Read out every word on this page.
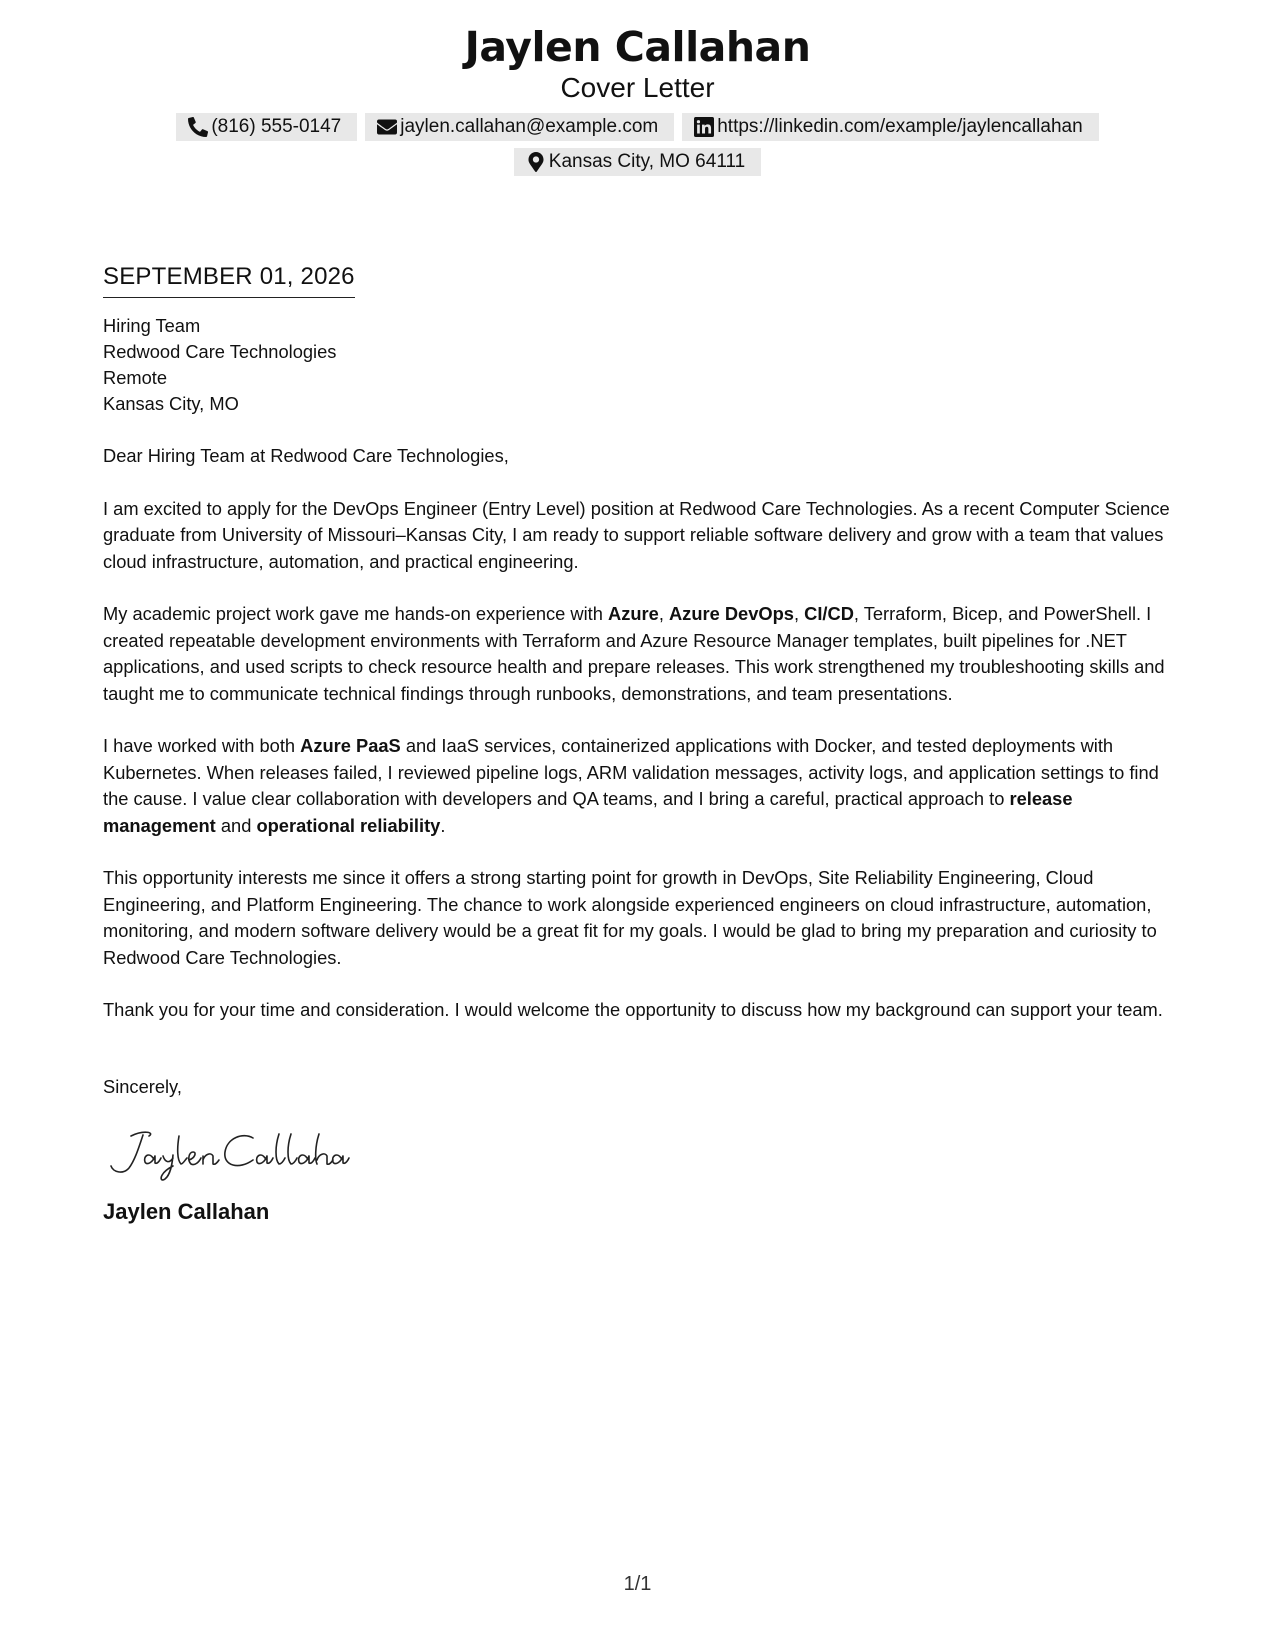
Jaylen Callahan
Cover Letter
(816) 555-0147	jaylen.callahan@example.com	https://linkedin.com/example/jaylencallahan
Kansas City, MO 64111
SEPTEMBER 01, 2026
Hiring Team
Redwood Care Technologies
Remote
Kansas City, MO
Dear Hiring Team at Redwood Care Technologies,

I am excited to apply for the DevOps Engineer (Entry Level) position at Redwood Care Technologies. As a recent Computer Science graduate from University of Missouri–Kansas City, I am ready to support reliable software delivery and grow with a team that values cloud infrastructure, automation, and practical engineering.

My academic project work gave me hands-on experience with Azure, Azure DevOps, CI/CD, Terraform, Bicep, and PowerShell. I created repeatable development environments with Terraform and Azure Resource Manager templates, built pipelines for .NET applications, and used scripts to check resource health and prepare releases. This work strengthened my troubleshooting skills and taught me to communicate technical findings through runbooks, demonstrations, and team presentations.

I have worked with both Azure PaaS and IaaS services, containerized applications with Docker, and tested deployments with Kubernetes. When releases failed, I reviewed pipeline logs, ARM validation messages, activity logs, and application settings to find the cause. I value clear collaboration with developers and QA teams, and I bring a careful, practical approach to release management and operational reliability.

This opportunity interests me since it offers a strong starting point for growth in DevOps, Site Reliability Engineering, Cloud Engineering, and Platform Engineering. The chance to work alongside experienced engineers on cloud infrastructure, automation, monitoring, and modern software delivery would be a great fit for my goals. I would be glad to bring my preparation and curiosity to Redwood Care Technologies.

Thank you for your time and consideration. I would welcome the opportunity to discuss how my background can support your team.

Sincerely,
Jaylen Callahan
1/1
